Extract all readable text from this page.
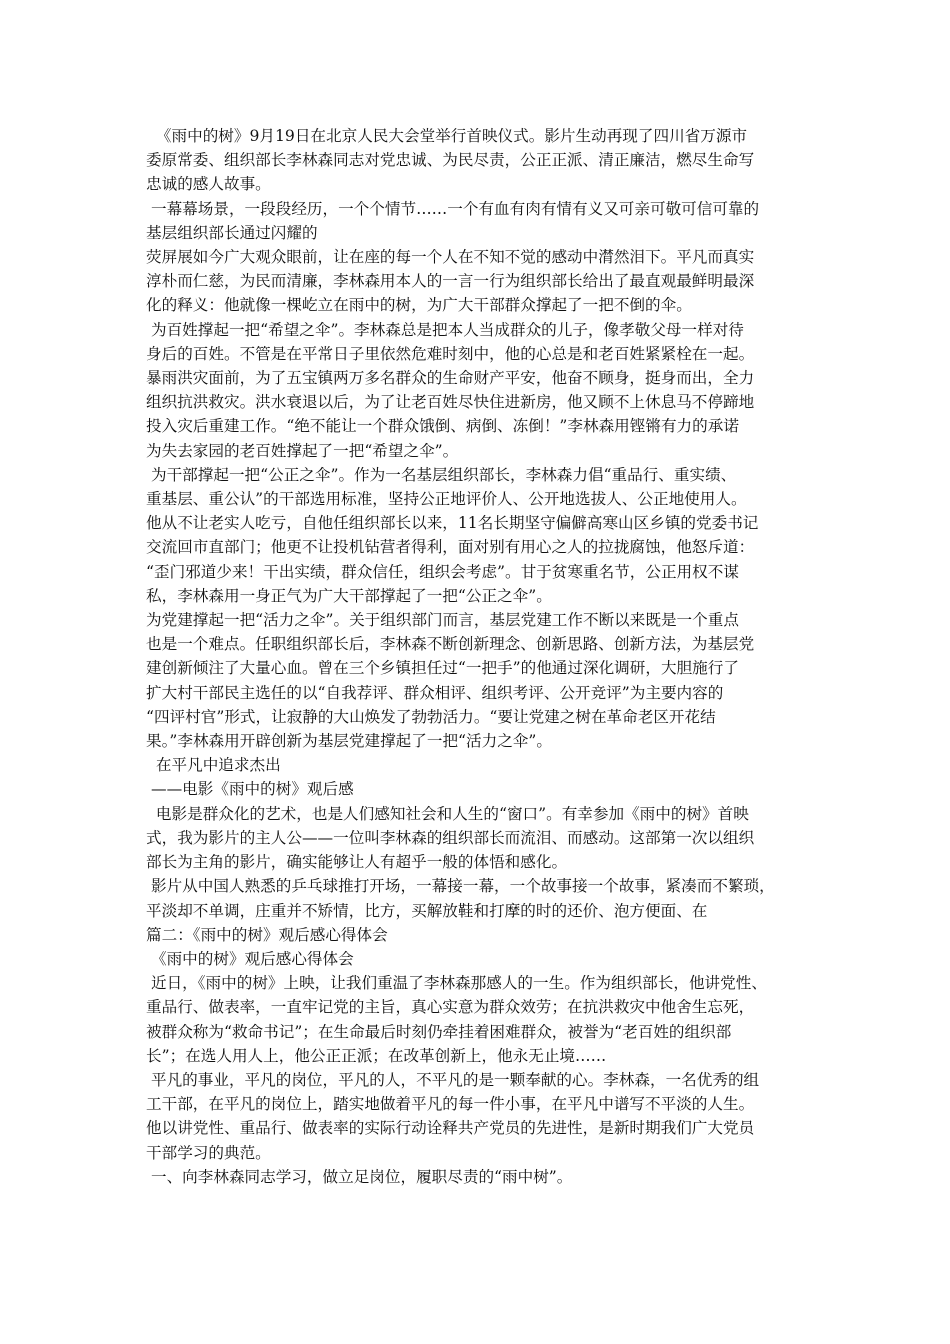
《雨中的树》9月19日在北京人民大会堂举行首映仪式。影片生动再现了四川省万源市

委原常委、组织部长李林森同志对党忠诚、为民尽责，公正正派、清正廉洁，燃尽生命写

忠诚的感人故事。

一幕幕场景，一段段经历，一个个情节……一个有血有肉有情有义又可亲可敬可信可靠的

基层组织部长通过闪耀的

荧屏展如今广大观众眼前，让在座的每一个人在不知不觉的感动中潸然泪下。平凡而真实

淳朴而仁慈，为民而清廉，李林森用本人的一言一行为组织部长给出了最直观最鲜明最深

化的释义：他就像一棵屹立在雨中的树，为广大干部群众撑起了一把不倒的伞。

为百姓撑起一把“希望之伞”。李林森总是把本人当成群众的儿子，像孝敬父母一样对待

身后的百姓。不管是在平常日子里依然危难时刻中，他的心总是和老百姓紧紧栓在一起。

暴雨洪灾面前，为了五宝镇两万多名群众的生命财产平安，他奋不顾身，挺身而出，全力

组织抗洪救灾。洪水衰退以后，为了让老百姓尽快住进新房，他又顾不上休息马不停蹄地

投入灾后重建工作。“绝不能让一个群众饿倒、病倒、冻倒！”李林森用铿锵有力的承诺

为失去家园的老百姓撑起了一把“希望之伞”。

为干部撑起一把“公正之伞”。作为一名基层组织部长，李林森力倡“重品行、重实绩、

重基层、重公认”的干部选用标准，坚持公正地评价人、公开地选拔人、公正地使用人。

他从不让老实人吃亏，自他任组织部长以来，11名长期坚守偏僻高寒山区乡镇的党委书记

交流回市直部门；他更不让投机钻营者得利，面对别有用心之人的拉拢腐蚀，他怒斥道：

“歪门邪道少来！干出实绩，群众信任，组织会考虑”。甘于贫寒重名节，公正用权不谋

私，李林森用一身正气为广大干部撑起了一把“公正之伞”。

为党建撑起一把“活力之伞”。关于组织部门而言，基层党建工作不断以来既是一个重点

也是一个难点。任职组织部长后，李林森不断创新理念、创新思路、创新方法，为基层党

建创新倾注了大量心血。曾在三个乡镇担任过“一把手”的他通过深化调研，大胆施行了

扩大村干部民主选任的以“自我荐评、群众相评、组织考评、公开竞评”为主要内容的

“四评村官”形式，让寂静的大山焕发了勃勃活力。“要让党建之树在革命老区开花结

果。”李林森用开辟创新为基层党建撑起了一把“活力之伞”。

在平凡中追求杰出

——电影《雨中的树》观后感

电影是群众化的艺术，也是人们感知社会和人生的“窗口”。有幸参加《雨中的树》首映

式，我为影片的主人公——一位叫李林森的组织部长而流泪、而感动。这部第一次以组织

部长为主角的影片，确实能够让人有超乎一般的体悟和感化。

影片从中国人熟悉的乒乓球推打开场，一幕接一幕，一个故事接一个故事，紧凑而不繁琐，

平淡却不单调，庄重并不矫情，比方，买解放鞋和打摩的时的还价、泡方便面、在

篇二：《雨中的树》观后感心得体会

《雨中的树》观后感心得体会

近日，《雨中的树》上映，让我们重温了李林森那感人的一生。作为组织部长，他讲党性、

重品行、做表率，一直牢记党的主旨，真心实意为群众效劳；在抗洪救灾中他舍生忘死，

被群众称为“救命书记”；在生命最后时刻仍牵挂着困难群众，被誉为“老百姓的组织部

长”；在选人用人上，他公正正派；在改革创新上，他永无止境……

平凡的事业，平凡的岗位，平凡的人，不平凡的是一颗奉献的心。李林森，一名优秀的组

工干部，在平凡的岗位上，踏实地做着平凡的每一件小事，在平凡中谱写不平淡的人生。

他以讲党性、重品行、做表率的实际行动诠释共产党员的先进性，是新时期我们广大党员

干部学习的典范。

一、向李林森同志学习，做立足岗位，履职尽责的“雨中树”。
